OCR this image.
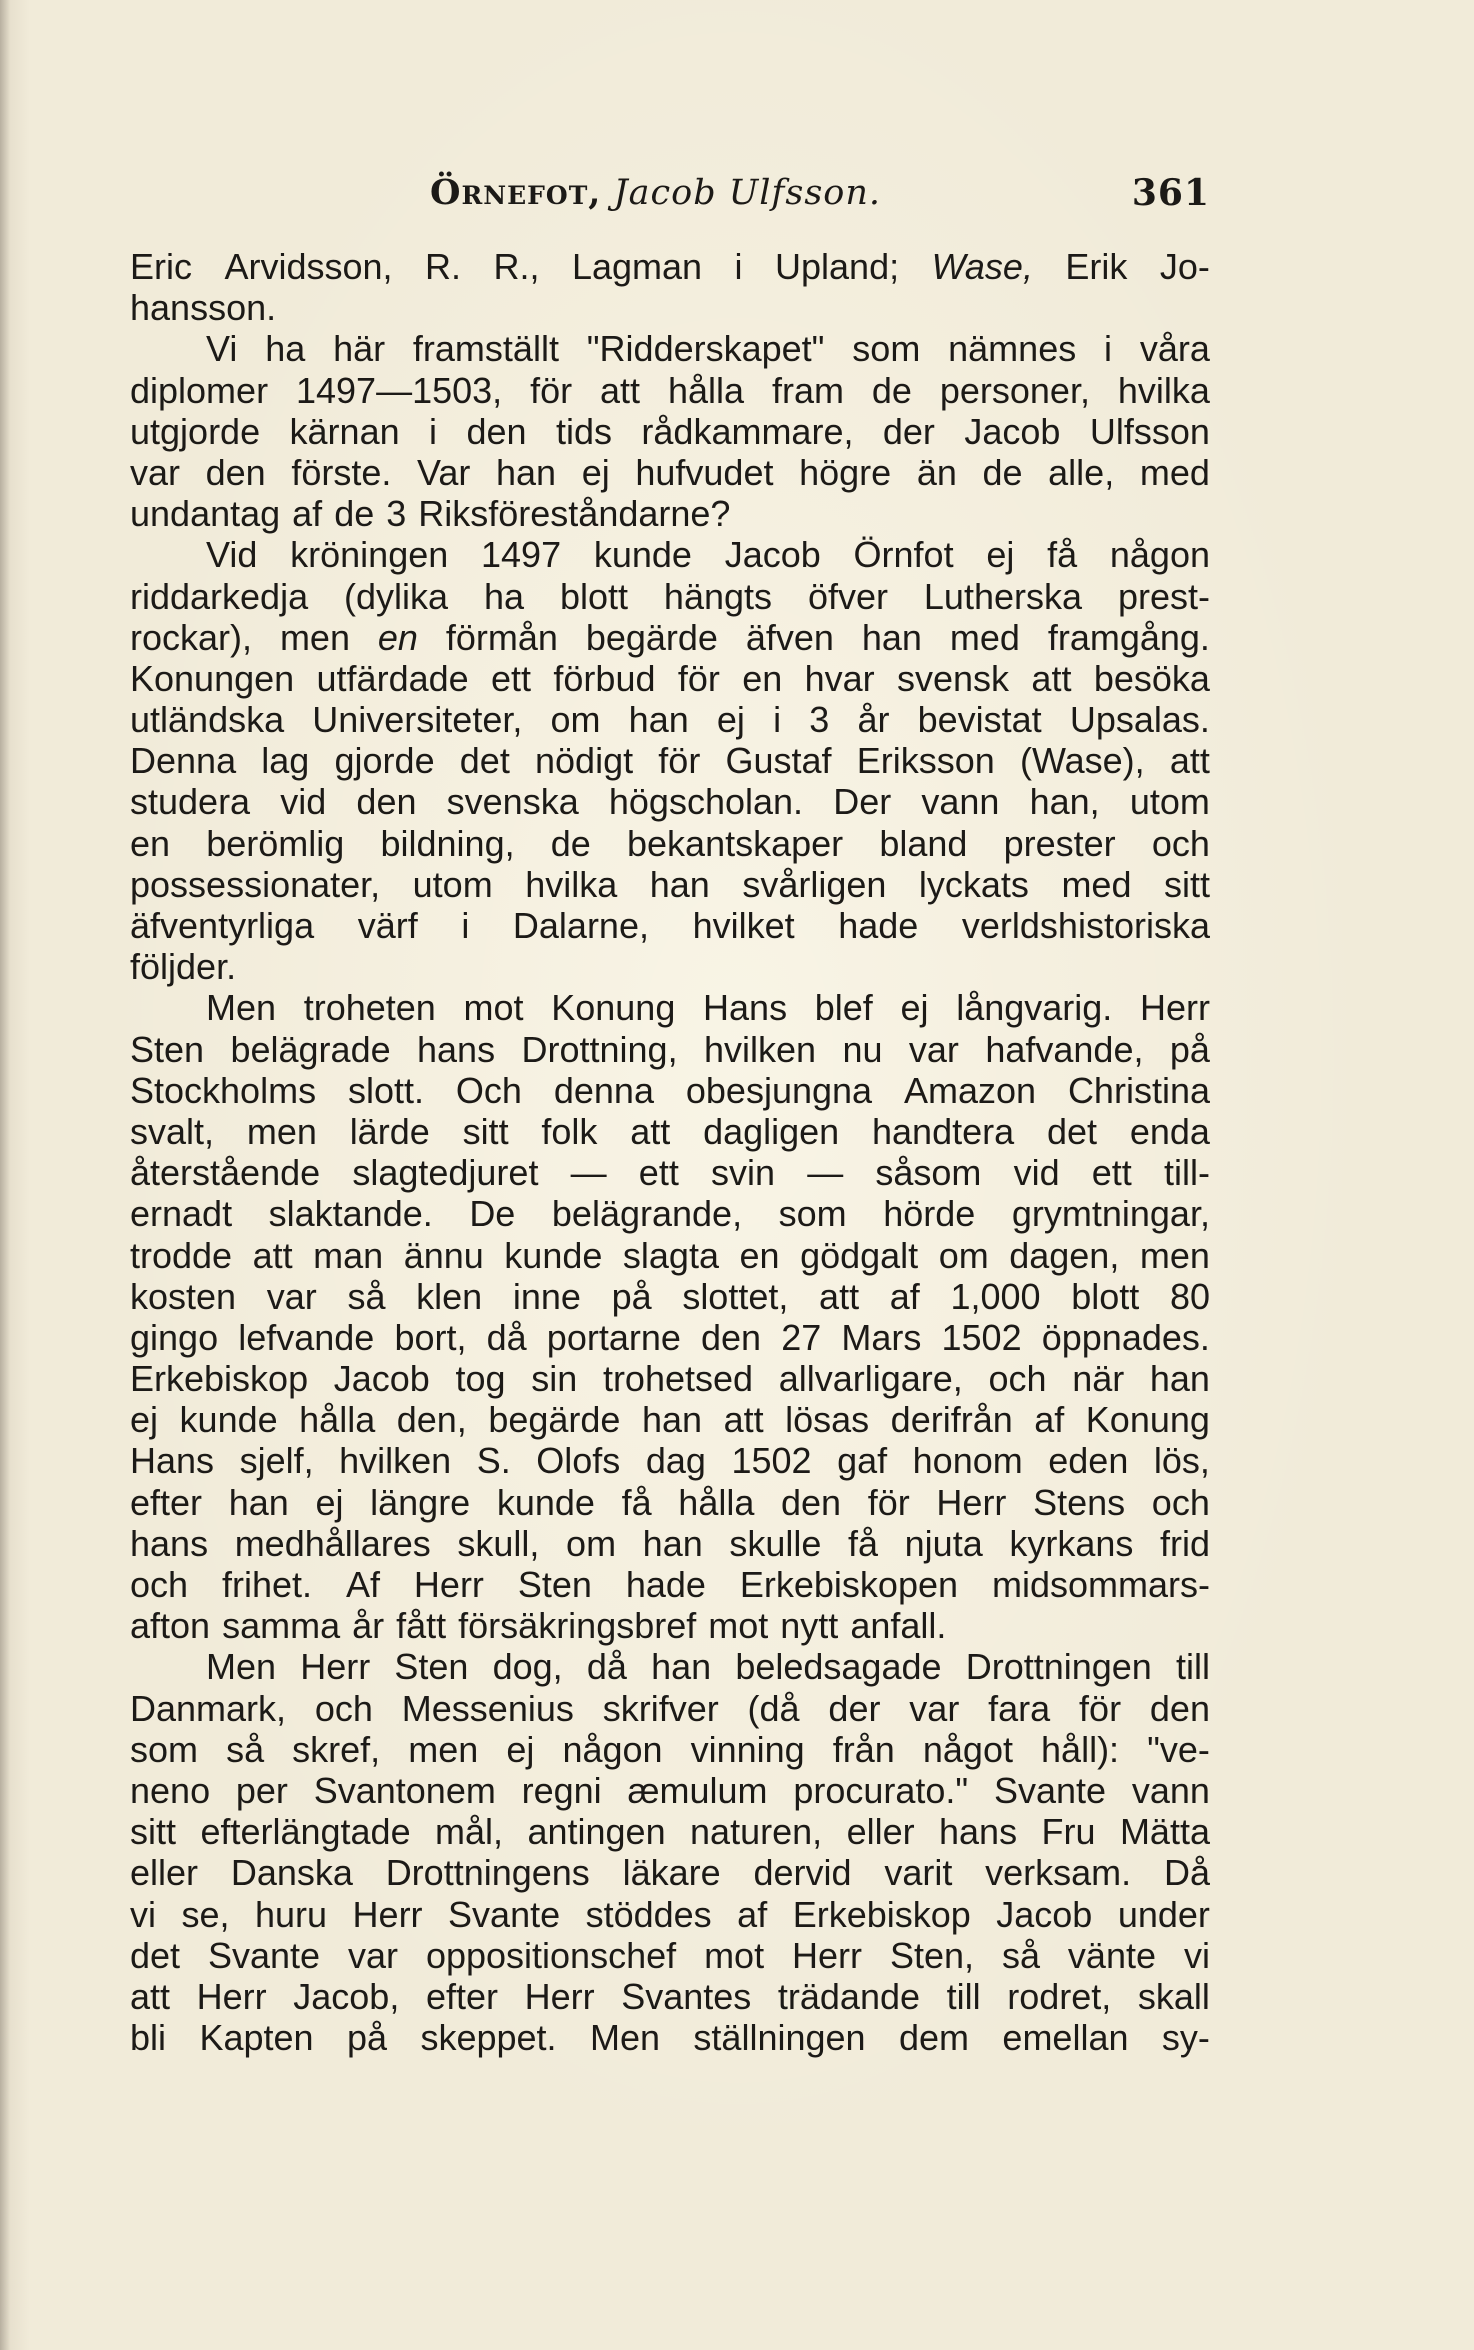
Örnefot, Jacob Ulfsson.	361
Eric Arvidsson, R. R., Lagman i Upland; Wase, Erik Jo-
hansson.
Vi ha här framställt "Ridderskapet" som nämnes i våra
diplomer 1497—1503, för att hålla fram de personer, hvilka
utgjorde kärnan i den tids rådkammare, der Jacob Ulfsson
var den förste. Var han ej hufvudet högre än de alle, med
undantag af de 3 Riksföreståndarne?
Vid kröningen 1497 kunde Jacob Örnfot ej få någon
riddarkedja (dylika ha blott hängts öfver Lutherska prest-
rockar), men en förmån begärde äfven han med framgång.
Konungen utfärdade ett förbud för en hvar svensk att besöka
utländska Universiteter, om han ej i 3 år bevistat Upsalas.
Denna lag gjorde det nödigt för Gustaf Eriksson (Wase), att
studera vid den svenska högscholan. Der vann han, utom
en berömlig bildning, de bekantskaper bland prester och
possessionater, utom hvilka han svårligen lyckats med sitt
äfventyrliga värf i Dalarne, hvilket hade verldshistoriska
följder.
Men troheten mot Konung Hans blef ej långvarig. Herr
Sten belägrade hans Drottning, hvilken nu var hafvande, på
Stockholms slott. Och denna obesjungna Amazon Christina
svalt, men lärde sitt folk att dagligen handtera det enda
återstående slagtedjuret — ett svin — såsom vid ett till-
ernadt slaktande. De belägrande, som hörde grymtningar,
trodde att man ännu kunde slagta en gödgalt om dagen, men
kosten var så klen inne på slottet, att af 1,000 blott 80
gingo lefvande bort, då portarne den 27 Mars 1502 öppnades.
Erkebiskop Jacob tog sin trohetsed allvarligare, och när han
ej kunde hålla den, begärde han att lösas derifrån af Konung
Hans sjelf, hvilken S. Olofs dag 1502 gaf honom eden lös,
efter han ej längre kunde få hålla den för Herr Stens och
hans medhållares skull, om han skulle få njuta kyrkans frid
och frihet. Af Herr Sten hade Erkebiskopen midsommars-
afton samma år fått försäkringsbref mot nytt anfall.
Men Herr Sten dog, då han beledsagade Drottningen till
Danmark, och Messenius skrifver (då der var fara för den
som så skref, men ej någon vinning från något håll): "ve-
neno per Svantonem regni æmulum procurato." Svante vann
sitt efterlängtade mål, antingen naturen, eller hans Fru Mätta
eller Danska Drottningens läkare dervid varit verksam. Då
vi se, huru Herr Svante stöddes af Erkebiskop Jacob under
det Svante var oppositionschef mot Herr Sten, så vänte vi
att Herr Jacob, efter Herr Svantes trädande till rodret, skall
bli Kapten på skeppet. Men ställningen dem emellan sy-
